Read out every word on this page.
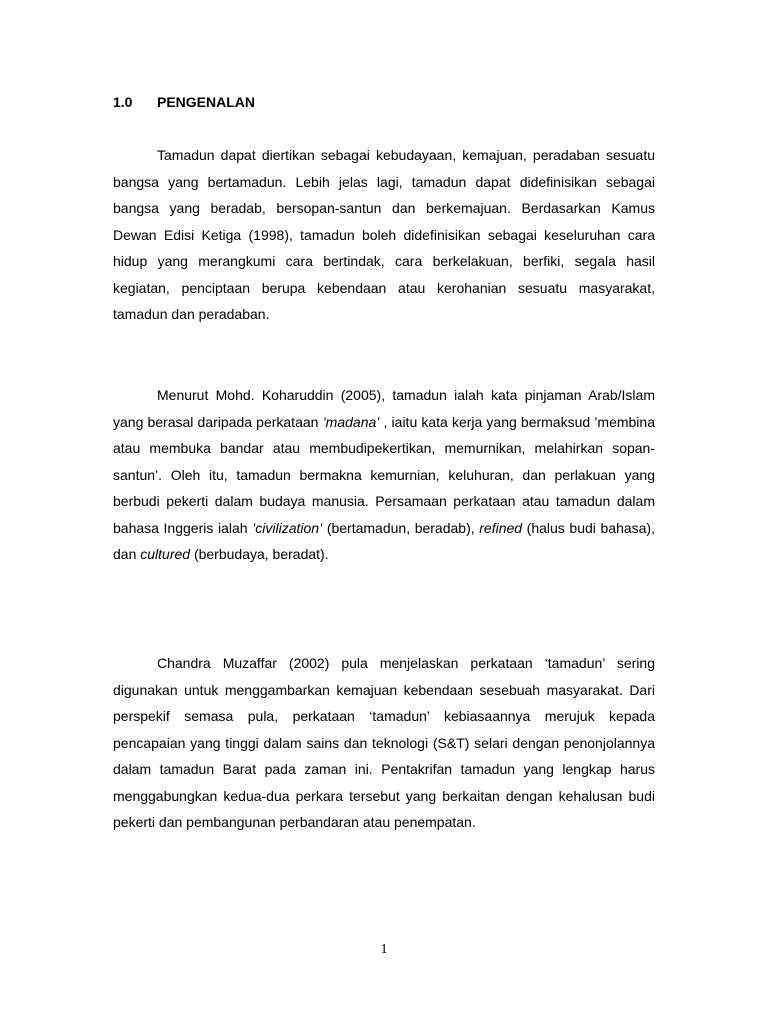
1.0 PENGENALAN

Tamadun dapat diertikan sebagai kebudayaan, kemajuan, peradaban sesuatu bangsa yang bertamadun. Lebih jelas lagi, tamadun dapat didefinisikan sebagai bangsa yang beradab, bersopan-santun dan berkemajuan. Berdasarkan Kamus Dewan Edisi Ketiga (1998), tamadun boleh didefinisikan sebagai keseluruhan cara hidup yang merangkumi cara bertindak, cara berkelakuan, berfiki, segala hasil kegiatan, penciptaan berupa kebendaan atau kerohanian sesuatu masyarakat, tamadun dan peradaban.

Menurut Mohd. Koharuddin (2005), tamadun ialah kata pinjaman Arab/Islam yang berasal daripada perkataan ’madana’ , iaitu kata kerja yang bermaksud ’membina atau membuka bandar atau membudipekertikan, memurnikan, melahirkan sopan-santun’. Oleh itu, tamadun bermakna kemurnian, keluhuran, dan perlakuan yang berbudi pekerti dalam budaya manusia. Persamaan perkataan atau tamadun dalam bahasa Inggeris ialah ’civilization’ (bertamadun, beradab), refined (halus budi bahasa), dan cultured (berbudaya, beradat).

Chandra Muzaffar (2002) pula menjelaskan perkataan ‘tamadun’ sering digunakan untuk menggambarkan kemajuan kebendaan sesebuah masyarakat. Dari perspekif semasa pula, perkataan ‘tamadun’ kebiasaannya merujuk kepada pencapaian yang tinggi dalam sains dan teknologi (S&T) selari dengan penonjolannya dalam tamadun Barat pada zaman ini. Pentakrifan tamadun yang lengkap harus menggabungkan kedua-dua perkara tersebut yang berkaitan dengan kehalusan budi pekerti dan pembangunan perbandaran atau penempatan.

1
